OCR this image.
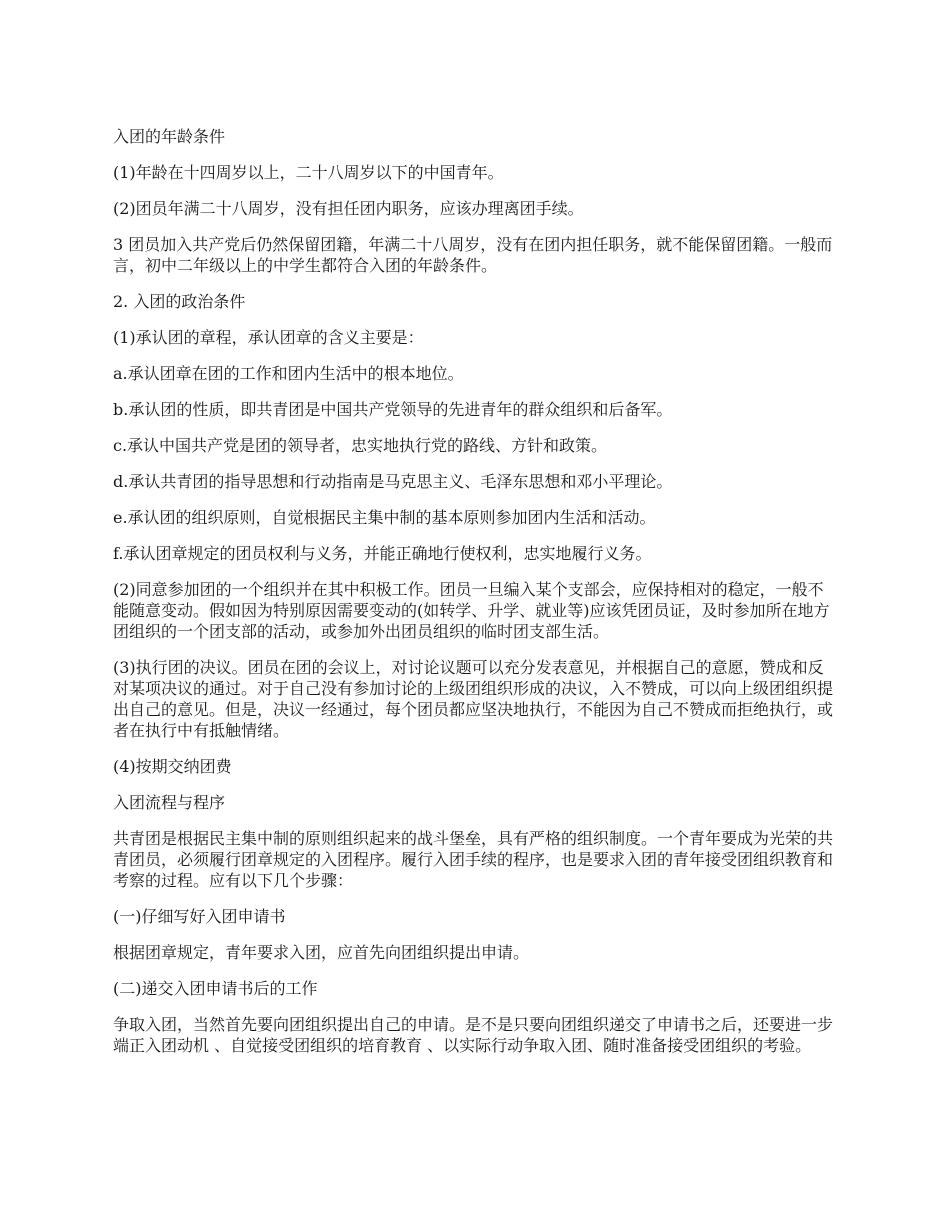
入团的年龄条件

(1)年龄在十四周岁以上，二十八周岁以下的中国青年。

(2)团员年满二十八周岁，没有担任团内职务，应该办理离团手续。

3 团员加入共产党后仍然保留团籍，年满二十八周岁，没有在团内担任职务，就不能保留团籍。一般而言，初中二年级以上的中学生都符合入团的年龄条件。

2. 入团的政治条件

(1)承认团的章程，承认团章的含义主要是：

a.承认团章在团的工作和团内生活中的根本地位。

b.承认团的性质，即共青团是中国共产党领导的先进青年的群众组织和后备军。

c.承认中国共产党是团的领导者，忠实地执行党的路线、方针和政策。

d.承认共青团的指导思想和行动指南是马克思主义、毛泽东思想和邓小平理论。

e.承认团的组织原则，自觉根据民主集中制的基本原则参加团内生活和活动。

f.承认团章规定的团员权利与义务，并能正确地行使权利，忠实地履行义务。

(2)同意参加团的一个组织并在其中积极工作。团员一旦编入某个支部会，应保持相对的稳定，一般不能随意变动。假如因为特别原因需要变动的(如转学、升学、就业等)应该凭团员证，及时参加所在地方团组织的一个团支部的活动，或参加外出团员组织的临时团支部生活。

(3)执行团的决议。团员在团的会议上，对讨论议题可以充分发表意见，并根据自己的意愿，赞成和反对某项决议的通过。对于自己没有参加讨论的上级团组织形成的决议，入不赞成，可以向上级团组织提出自己的意见。但是，决议一经通过，每个团员都应坚决地执行，不能因为自己不赞成而拒绝执行，或者在执行中有抵触情绪。

(4)按期交纳团费

入团流程与程序

共青团是根据民主集中制的原则组织起来的战斗堡垒，具有严格的组织制度。一个青年要成为光荣的共青团员，必须履行团章规定的入团程序。履行入团手续的程序，也是要求入团的青年接受团组织教育和考察的过程。应有以下几个步骤：

(一)仔细写好入团申请书

根据团章规定，青年要求入团，应首先向团组织提出申请。

(二)递交入团申请书后的工作

争取入团，当然首先要向团组织提出自己的申请。是不是只要向团组织递交了申请书之后，还要进一步端正入团动机 、自觉接受团组织的培育教育 、以实际行动争取入团、随时准备接受团组织的考验。
